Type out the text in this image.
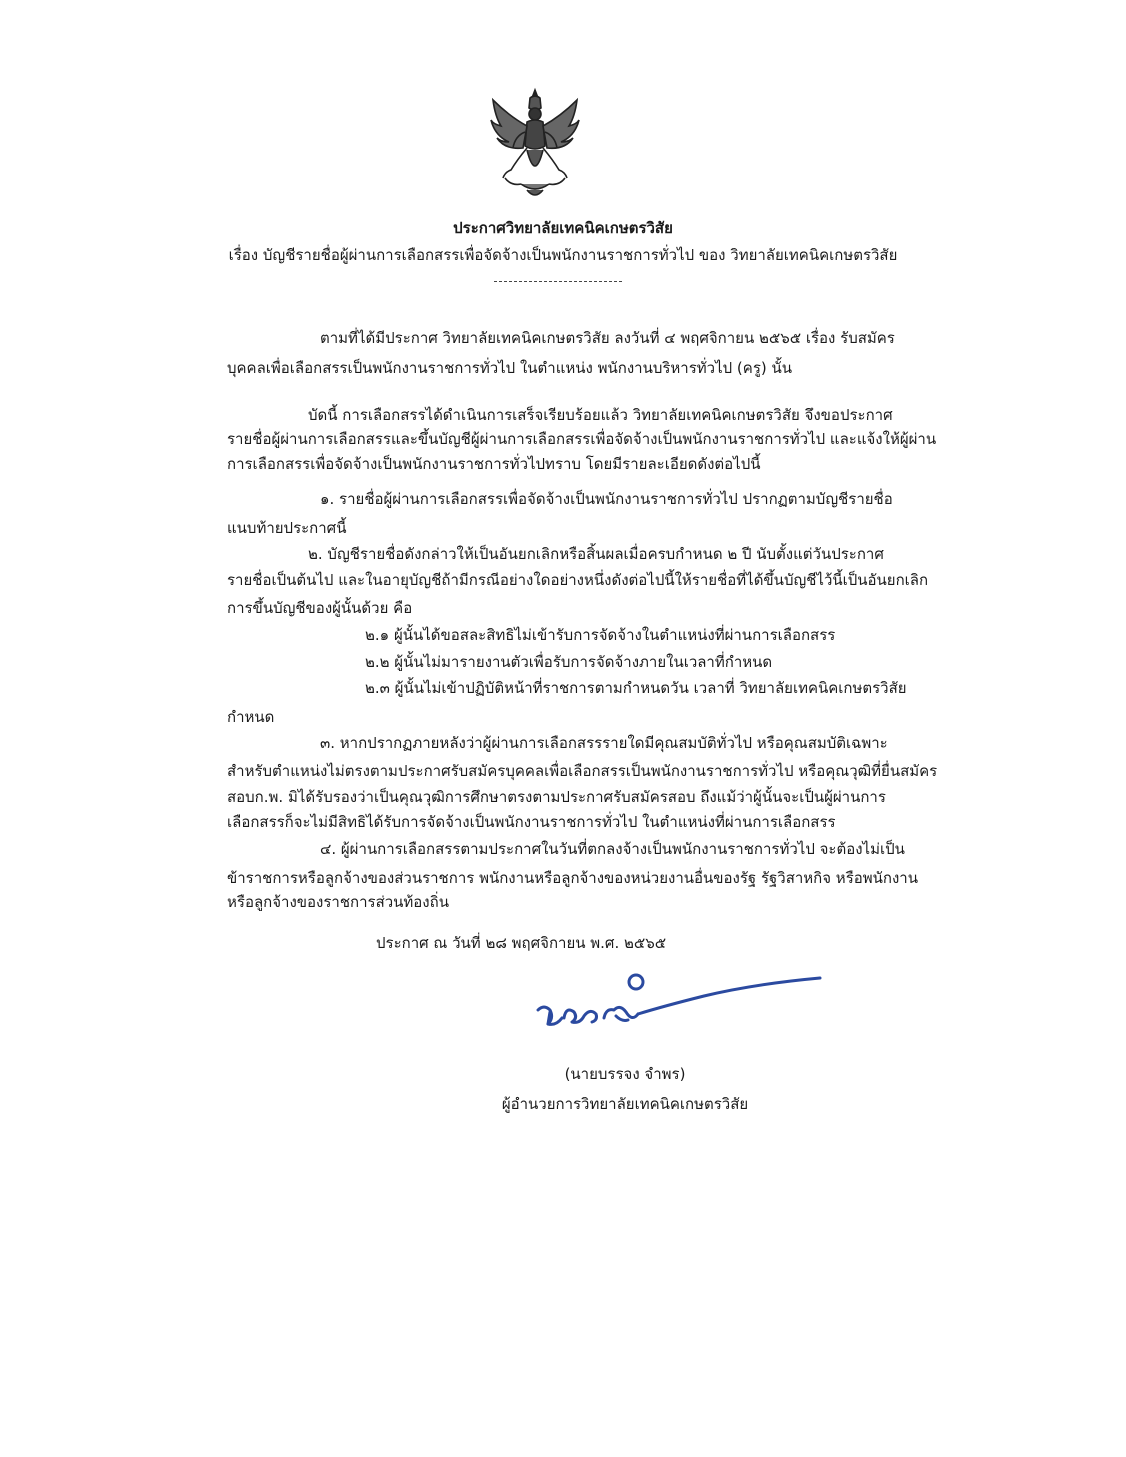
ประกาศวิทยาลัยเทคนิคเกษตรวิสัย
เรื่อง บัญชีรายชื่อผู้ผ่านการเลือกสรรเพื่อจัดจ้างเป็นพนักงานราชการทั่วไป ของ วิทยาลัยเทคนิคเกษตรวิสัย
ตามที่ได้มีประกาศ วิทยาลัยเทคนิคเกษตรวิสัย ลงวันที่ ๔ พฤศจิกายน ๒๕๖๕ เรื่อง รับสมัคร
บุคคลเพื่อเลือกสรรเป็นพนักงานราชการทั่วไป ในตำแหน่ง พนักงานบริหารทั่วไป (ครู) นั้น
บัดนี้ การเลือกสรรได้ดำเนินการเสร็จเรียบร้อยแล้ว วิทยาลัยเทคนิคเกษตรวิสัย จึงขอประกาศ
รายชื่อผู้ผ่านการเลือกสรรและขึ้นบัญชีผู้ผ่านการเลือกสรรเพื่อจัดจ้างเป็นพนักงานราชการทั่วไป และแจ้งให้ผู้ผ่าน
การเลือกสรรเพื่อจัดจ้างเป็นพนักงานราชการทั่วไปทราบ โดยมีรายละเอียดดังต่อไปนี้
๑. รายชื่อผู้ผ่านการเลือกสรรเพื่อจัดจ้างเป็นพนักงานราชการทั่วไป ปรากฏตามบัญชีรายชื่อ
แนบท้ายประกาศนี้
๒. บัญชีรายชื่อดังกล่าวให้เป็นอันยกเลิกหรือสิ้นผลเมื่อครบกำหนด ๒ ปี นับตั้งแต่วันประกาศ
รายชื่อเป็นต้นไป และในอายุบัญชีถ้ามีกรณีอย่างใดอย่างหนึ่งดังต่อไปนี้ให้รายชื่อที่ได้ขึ้นบัญชีไว้นี้เป็นอันยกเลิก
การขึ้นบัญชีของผู้นั้นด้วย คือ
๒.๑ ผู้นั้นได้ขอสละสิทธิไม่เข้ารับการจัดจ้างในตำแหน่งที่ผ่านการเลือกสรร
๒.๒ ผู้นั้นไม่มารายงานตัวเพื่อรับการจัดจ้างภายในเวลาที่กำหนด
๒.๓ ผู้นั้นไม่เข้าปฏิบัติหน้าที่ราชการตามกำหนดวัน เวลาที่ วิทยาลัยเทคนิคเกษตรวิสัย
กำหนด
๓. หากปรากฏภายหลังว่าผู้ผ่านการเลือกสรรรายใดมีคุณสมบัติทั่วไป หรือคุณสมบัติเฉพาะ
สำหรับตำแหน่งไม่ตรงตามประกาศรับสมัครบุคคลเพื่อเลือกสรรเป็นพนักงานราชการทั่วไป หรือคุณวุฒิที่ยื่นสมัคร
สอบก.พ. มิได้รับรองว่าเป็นคุณวุฒิการศึกษาตรงตามประกาศรับสมัครสอบ ถึงแม้ว่าผู้นั้นจะเป็นผู้ผ่านการ
เลือกสรรก็จะไม่มีสิทธิได้รับการจัดจ้างเป็นพนักงานราชการทั่วไป ในตำแหน่งที่ผ่านการเลือกสรร
๔. ผู้ผ่านการเลือกสรรตามประกาศในวันที่ตกลงจ้างเป็นพนักงานราชการทั่วไป จะต้องไม่เป็น
ข้าราชการหรือลูกจ้างของส่วนราชการ พนักงานหรือลูกจ้างของหน่วยงานอื่นของรัฐ รัฐวิสาหกิจ หรือพนักงาน
หรือลูกจ้างของราชการส่วนท้องถิ่น
ประกาศ ณ วันที่ ๒๘ พฤศจิกายน พ.ศ. ๒๕๖๕
(นายบรรจง จำพร)
ผู้อำนวยการวิทยาลัยเทคนิคเกษตรวิสัย
